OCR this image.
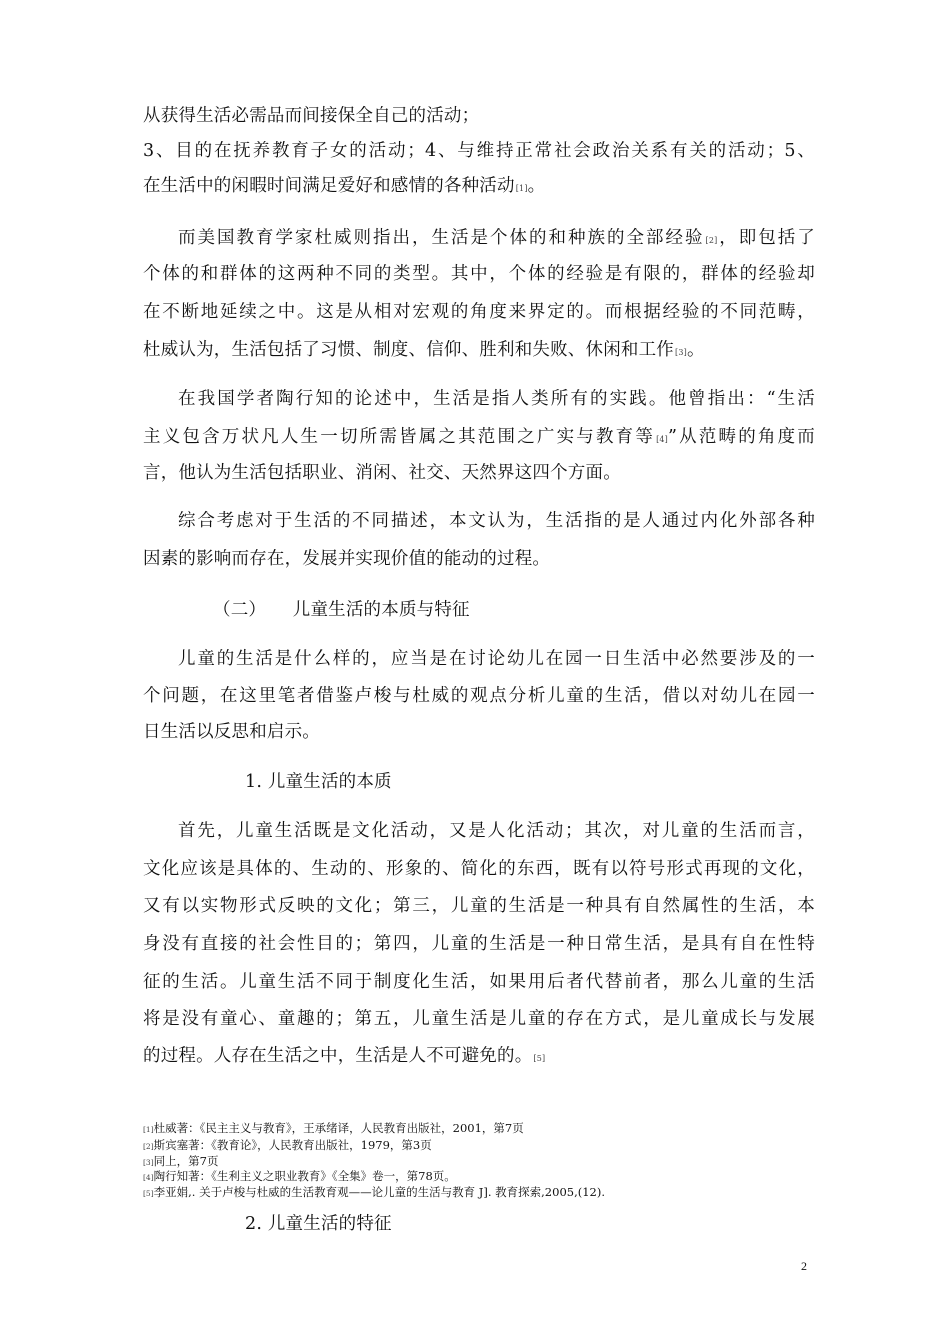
从获得生活必需品而间接保全自己的活动；
3、目的在抚养教育子女的活动；4、与维持正常社会政治关系有关的活动；5、
在生活中的闲暇时间满足爱好和感情的各种活动[1]。
而美国教育学家杜威则指出，生活是个体的和种族的全部经验[2]，即包括了
个体的和群体的这两种不同的类型。其中，个体的经验是有限的，群体的经验却
在不断地延续之中。这是从相对宏观的角度来界定的。而根据经验的不同范畴，
杜威认为，生活包括了习惯、制度、信仰、胜利和失败、休闲和工作[3]。
在我国学者陶行知的论述中，生活是指人类所有的实践。他曾指出：“生活
主义包含万状凡人生一切所需皆属之其范围之广实与教育等[4]”从范畴的角度而
言，他认为生活包括职业、消闲、社交、天然界这四个方面。
综合考虑对于生活的不同描述，本文认为，生活指的是人通过内化外部各种
因素的影响而存在，发展并实现价值的能动的过程。
（二）　　儿童生活的本质与特征
儿童的生活是什么样的，应当是在讨论幼儿在园一日生活中必然要涉及的一
个问题，在这里笔者借鉴卢梭与杜威的观点分析儿童的生活，借以对幼儿在园一
日生活以反思和启示。
1. 儿童生活的本质
首先，儿童生活既是文化活动，又是人化活动；其次，对儿童的生活而言，
文化应该是具体的、生动的、形象的、简化的东西，既有以符号形式再现的文化，
又有以实物形式反映的文化；第三，儿童的生活是一种具有自然属性的生活，本
身没有直接的社会性目的；第四，儿童的生活是一种日常生活，是具有自在性特
征的生活。儿童生活不同于制度化生活，如果用后者代替前者，那么儿童的生活
将是没有童心、童趣的；第五，儿童生活是儿童的存在方式，是儿童成长与发展
的过程。人存在生活之中，生活是人不可避免的。[5]
[1]杜威著：《民主主义与教育》，王承绪译，人民教育出版社，2001，第7页
[2]斯宾塞著：《教育论》，人民教育出版社，1979，第3页
[3]同上，第7页
[4]陶行知著：《生利主义之职业教育》《全集》卷一，第78页。
[5]李亚娟,. 关于卢梭与杜威的生活教育观——论儿童的生活与教育 J]. 教育探索,2005,(12).
2. 儿童生活的特征
2
